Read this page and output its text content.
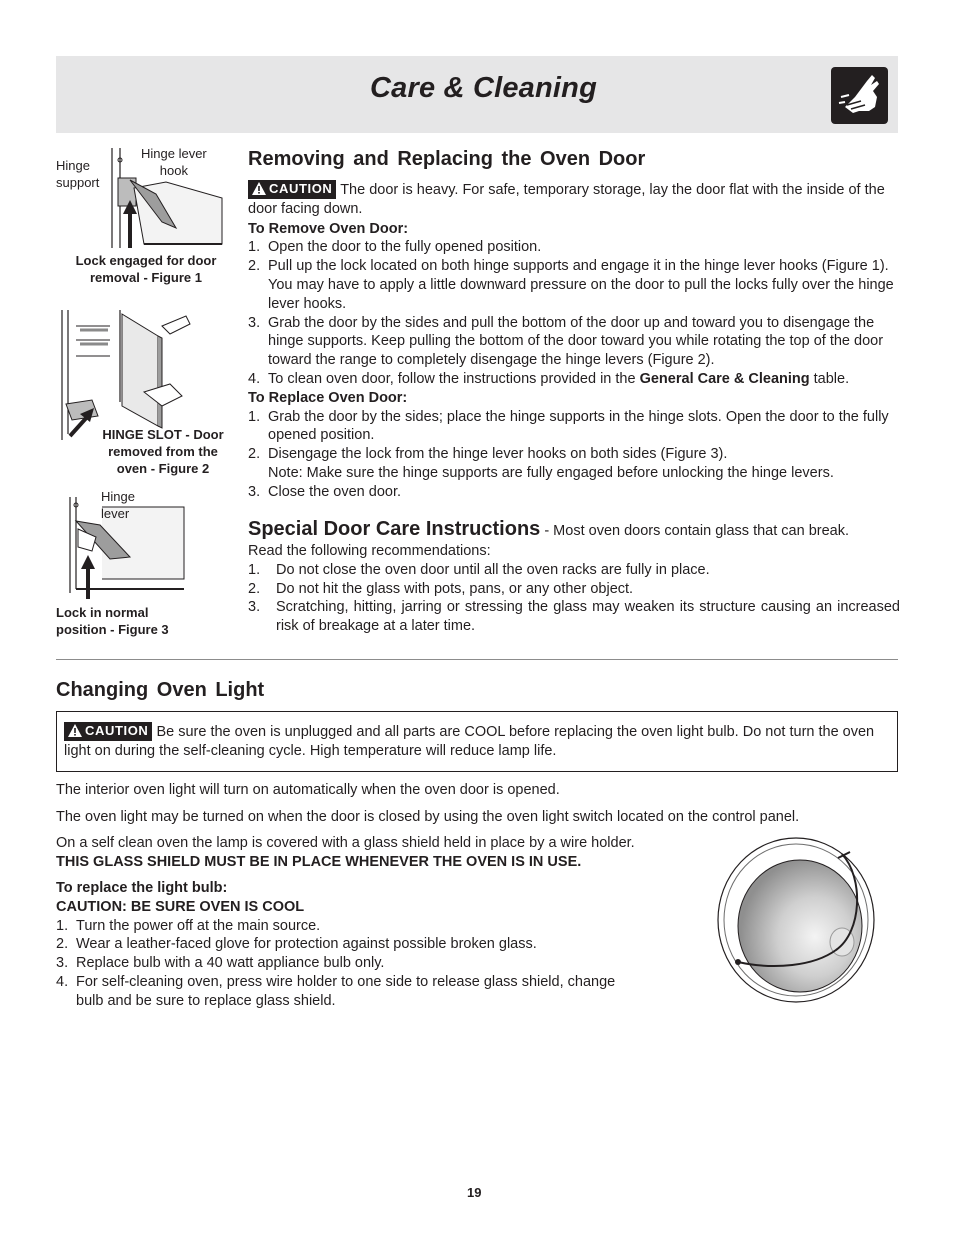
Care & Cleaning
Hinge
support
Hinge lever
hook
Lock engaged for door
removal - Figure 1
HINGE SLOT - Door
removed from the
oven - Figure 2
Hinge
lever
Lock in normal
position - Figure 3
Removing and Replacing the Oven Door
CAUTION The door is heavy. For safe, temporary storage, lay the door flat with the inside of the door facing down.
To Remove Oven Door:
1. Open the door to the fully opened position.
2. Pull up the lock located on both hinge supports and engage it in the hinge lever hooks (Figure 1). You may have to apply a little downward pressure on the door to pull the locks fully over the hinge lever hooks.
3. Grab the door by the sides and pull the bottom of the door up and toward you to disengage the hinge supports. Keep pulling the bottom of the door toward you while rotating the top of the door toward the range to completely disengage the hinge levers (Figure 2).
4. To clean oven door, follow the instructions provided in the General Care & Cleaning table.
To Replace Oven Door:
1. Grab the door by the sides; place the hinge supports in the hinge slots. Open the door to the fully opened position.
2. Disengage the lock from the hinge lever hooks on both sides (Figure 3).
Note: Make sure the hinge supports are fully engaged before unlocking the hinge levers.
3. Close the oven door.
Special Door Care Instructions - Most oven doors contain glass that can break.
Read the following recommendations:
1. Do not close the oven door until all the oven racks are fully in place.
2. Do not hit the glass with pots, pans, or any other object.
3. Scratching, hitting, jarring or stressing the glass may weaken its structure causing an increased risk of breakage at a later time.
Changing Oven Light
CAUTION Be sure the oven is unplugged and all parts are COOL before replacing the oven light bulb. Do not turn the oven light on during the self-cleaning cycle. High temperature will reduce lamp life.
The interior oven light will turn on automatically when the oven door is opened.
The oven light may be turned on when the door is closed by using the oven light switch located on the control panel.
On a self clean oven the lamp is covered with a glass shield held in place by a wire holder.
THIS GLASS SHIELD MUST BE IN PLACE WHENEVER THE OVEN IS IN USE.
To replace the light bulb:
CAUTION: BE SURE OVEN IS COOL
1. Turn the power off at the main source.
2. Wear a leather-faced glove for protection against possible broken glass.
3. Replace bulb with a 40 watt appliance bulb only.
4. For self-cleaning oven, press wire holder to one side to release glass shield, change bulb and be sure to replace glass shield.
19
